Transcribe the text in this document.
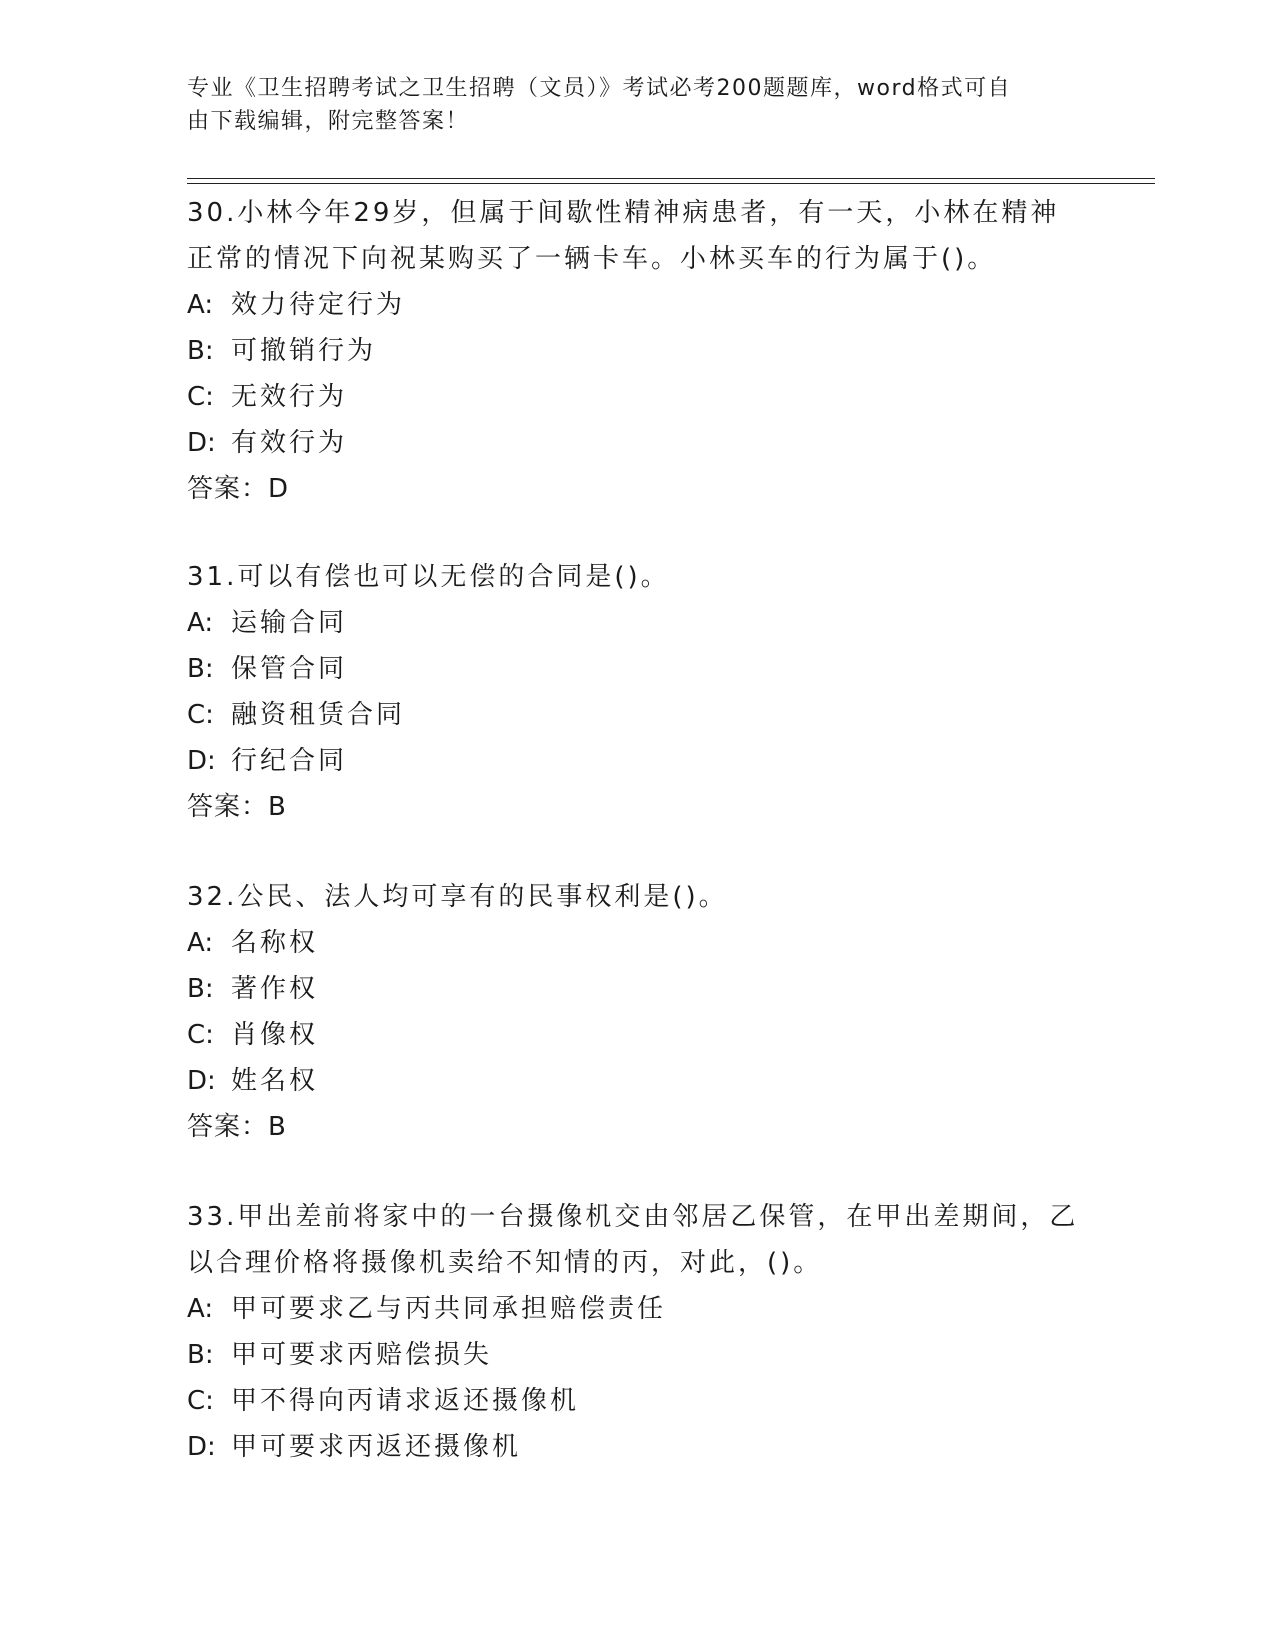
专业《卫生招聘考试之卫生招聘（文员）》考试必考200题题库，word格式可自
由下载编辑，附完整答案！

30.小林今年29岁，但属于间歇性精神病患者，有一天，小林在精神

正常的情况下向祝某购买了一辆卡车。小林买车的行为属于()。

A: 效力待定行为

B: 可撤销行为

C: 无效行为

D: 有效行为

答案：D

31.可以有偿也可以无偿的合同是()。

A: 运输合同

B: 保管合同

C: 融资租赁合同

D: 行纪合同

答案：B

32.公民、法人均可享有的民事权利是()。

A: 名称权

B: 著作权

C: 肖像权

D: 姓名权

答案：B

33.甲出差前将家中的一台摄像机交由邻居乙保管，在甲出差期间，乙

以合理价格将摄像机卖给不知情的丙，对此，()。

A: 甲可要求乙与丙共同承担赔偿责任

B: 甲可要求丙赔偿损失

C: 甲不得向丙请求返还摄像机

D: 甲可要求丙返还摄像机
